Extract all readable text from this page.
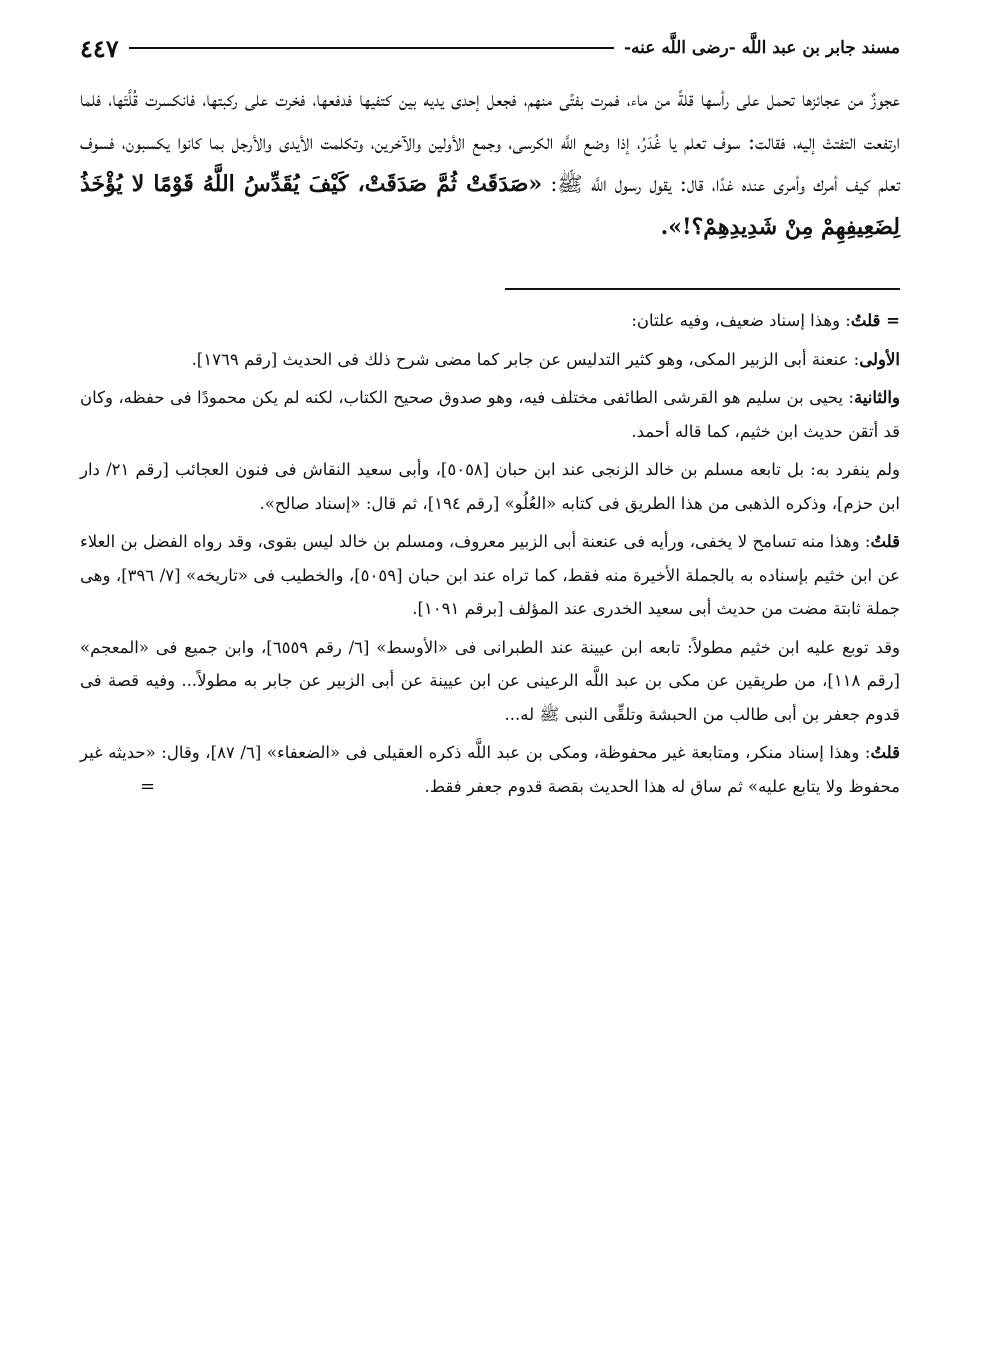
مسند جابر بن عبد اللَّه -رضى اللَّه عنه-
٤٤٧

عجوزٌ من عجائزها تحمل على رأسها قلةً من ماء، فمرت بفتًى منهم، فجعل إحدى يديه بين كتفيها فدفعها، فخرت على ركبتها، فانكسرت قُلَّتَها، فلما ارتفعت التفتتْ إليه، فقالت: سوف تعلم يا غُدَرُ، إذا وضع اللَّه الكرسى، وجمع الأولين والآخرين، وتكلمت الأيدى والأرجل بما كانوا يكسبون، فسوف تعلم كيف أمرك وأمرى عنده غدًا، قال: يقول رسول اللَّه ﷺ: «صَدَقَتْ ثُمَّ صَدَقَتْ، كَيْفَ يُقَدِّسُ اللَّهُ قَوْمًا لا يُؤْخَذُ لِضَعِيفِهِمْ مِنْ شَدِيدِهِمْ؟!».

= قلتُ: وهذا إسناد ضعيف، وفيه علتان:

الأولى: عنعنة أبى الزبير المكى، وهو كثير التدليس عن جابر كما مضى شرح ذلك فى الحديث [رقم ١٧٦٩].

والثانية: يحيى بن سليم هو القرشى الطائفى مختلف فيه، وهو صدوق صحيح الكتاب، لكنه لم يكن محمودًا فى حفظه، وكان قد أتقن حديث ابن خثيم، كما قاله أحمد.

ولم ينفرد به: بل تابعه مسلم بن خالد الزنجى عند ابن حبان [٥٠٥٨]، وأبى سعيد النقاش فى فنون العجائب [رقم ٢١/ دار ابن حزم]، وذكره الذهبى من هذا الطريق فى كتابه «العُلُو» [رقم ١٩٤]، ثم قال: «إسناد صالح».

قلتُ: وهذا منه تسامح لا يخفى، ورأيه فى عنعنة أبى الزبير معروف، ومسلم بن خالد ليس بقوى، وقد رواه الفضل بن العلاء عن ابن خثيم بإسناده به بالجملة الأخيرة منه فقط، كما تراه عند ابن حبان [٥٠٥٩]، والخطيب فى «تاريخه» [٧/ ٣٩٦]، وهى جملة ثابتة مضت من حديث أبى سعيد الخدرى عند المؤلف [برقم ١٠٩١].

وقد توبع عليه ابن خثيم مطولاً: تابعه ابن عيينة عند الطبرانى فى «الأوسط» [٦/ رقم ٦٥٥٩]، وابن جميع فى «المعجم» [رقم ١١٨]، من طريقين عن مكى بن عبد اللَّه الرعينى عن ابن عيينة عن أبى الزبير عن جابر به مطولاً... وفيه قصة فى قدوم جعفر بن أبى طالب من الحبشة وتلقِّى النبى ﷺ له...

قلتُ: وهذا إسناد منكر، ومتابعة غير محفوظة، ومكى بن عبد اللَّه ذكره العقيلى فى «الضعفاء» [٦/ ٨٧]، وقال: «حديثه غير محفوظ ولا يتابع عليه» ثم ساق له هذا الحديث بقصة قدوم جعفر فقط.
=
